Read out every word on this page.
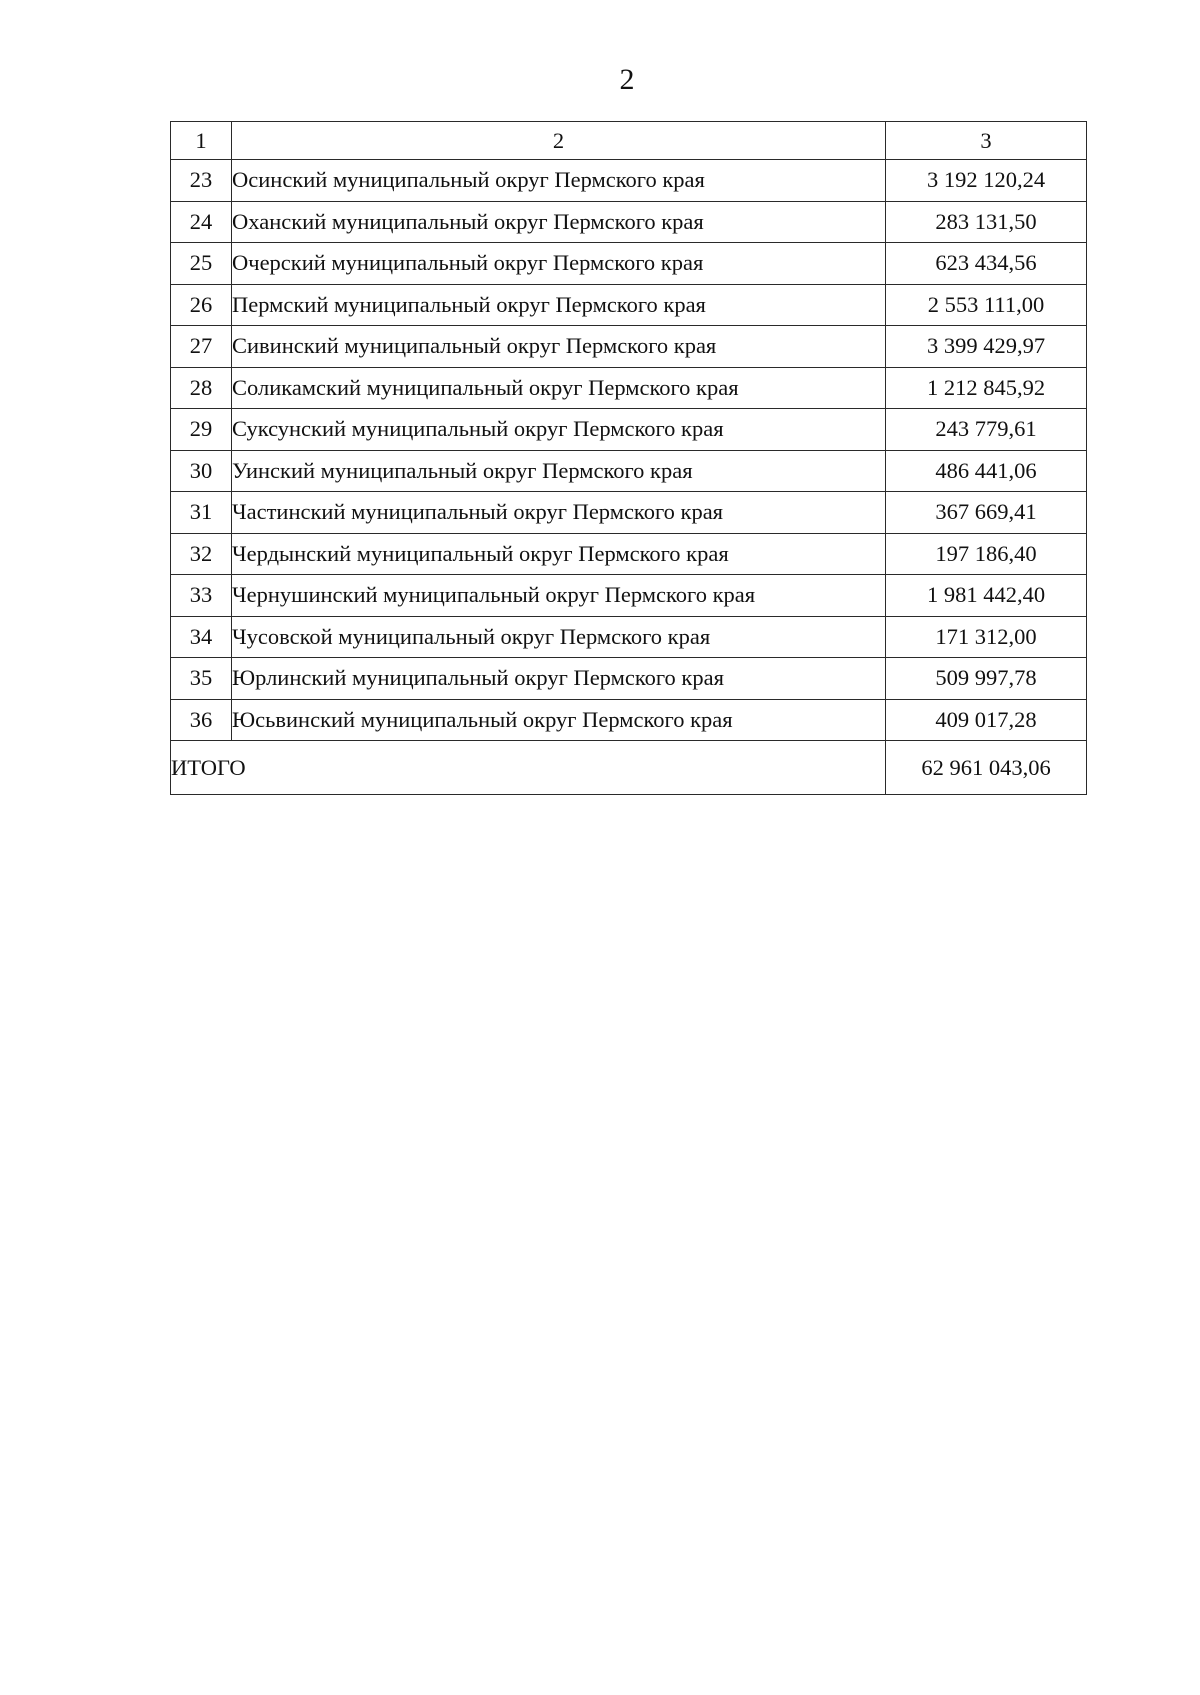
2
1	2	3
23	Осинский муниципальный округ Пермского края	3 192 120,24
24	Оханский муниципальный округ Пермского края	283 131,50
25	Очерский муниципальный округ Пермского края	623 434,56
26	Пермский муниципальный округ Пермского края	2 553 111,00
27	Сивинский муниципальный округ Пермского края	3 399 429,97
28	Соликамский муниципальный округ Пермского края	1 212 845,92
29	Суксунский муниципальный округ Пермского края	243 779,61
30	Уинский муниципальный округ Пермского края	486 441,06
31	Частинский муниципальный округ Пермского края	367 669,41
32	Чердынский муниципальный округ Пермского края	197 186,40
33	Чернушинский муниципальный округ Пермского края	1 981 442,40
34	Чусовской муниципальный округ Пермского края	171 312,00
35	Юрлинский муниципальный округ Пермского края	509 997,78
36	Юсьвинский муниципальный округ Пермского края	409 017,28
ИТОГО		62 961 043,06
